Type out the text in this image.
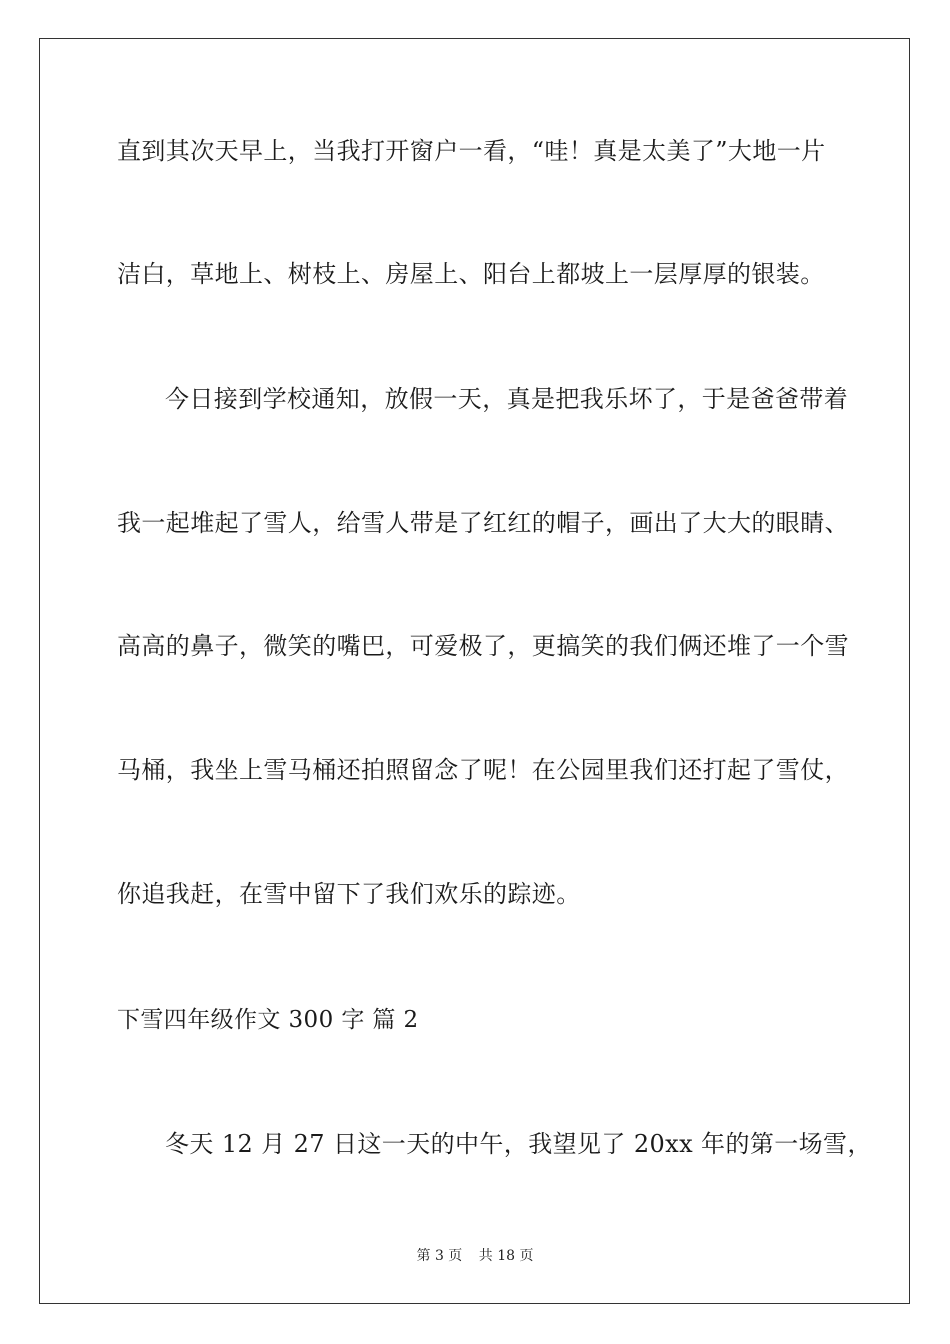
直到其次天早上，当我打开窗户一看，“哇！真是太美了”大地一片
洁白，草地上、树枝上、房屋上、阳台上都坡上一层厚厚的银装。
今日接到学校通知，放假一天，真是把我乐坏了，于是爸爸带着
我一起堆起了雪人，给雪人带是了红红的帽子，画出了大大的眼睛、
高高的鼻子，微笑的嘴巴，可爱极了，更搞笑的我们俩还堆了一个雪
马桶，我坐上雪马桶还拍照留念了呢！在公园里我们还打起了雪仗，
你追我赶，在雪中留下了我们欢乐的踪迹。
下雪四年级作文 300 字 篇 2
冬天 12 月 27 日这一天的中午，我望见了 20xx 年的第一场雪，
第 3 页 共 18 页
